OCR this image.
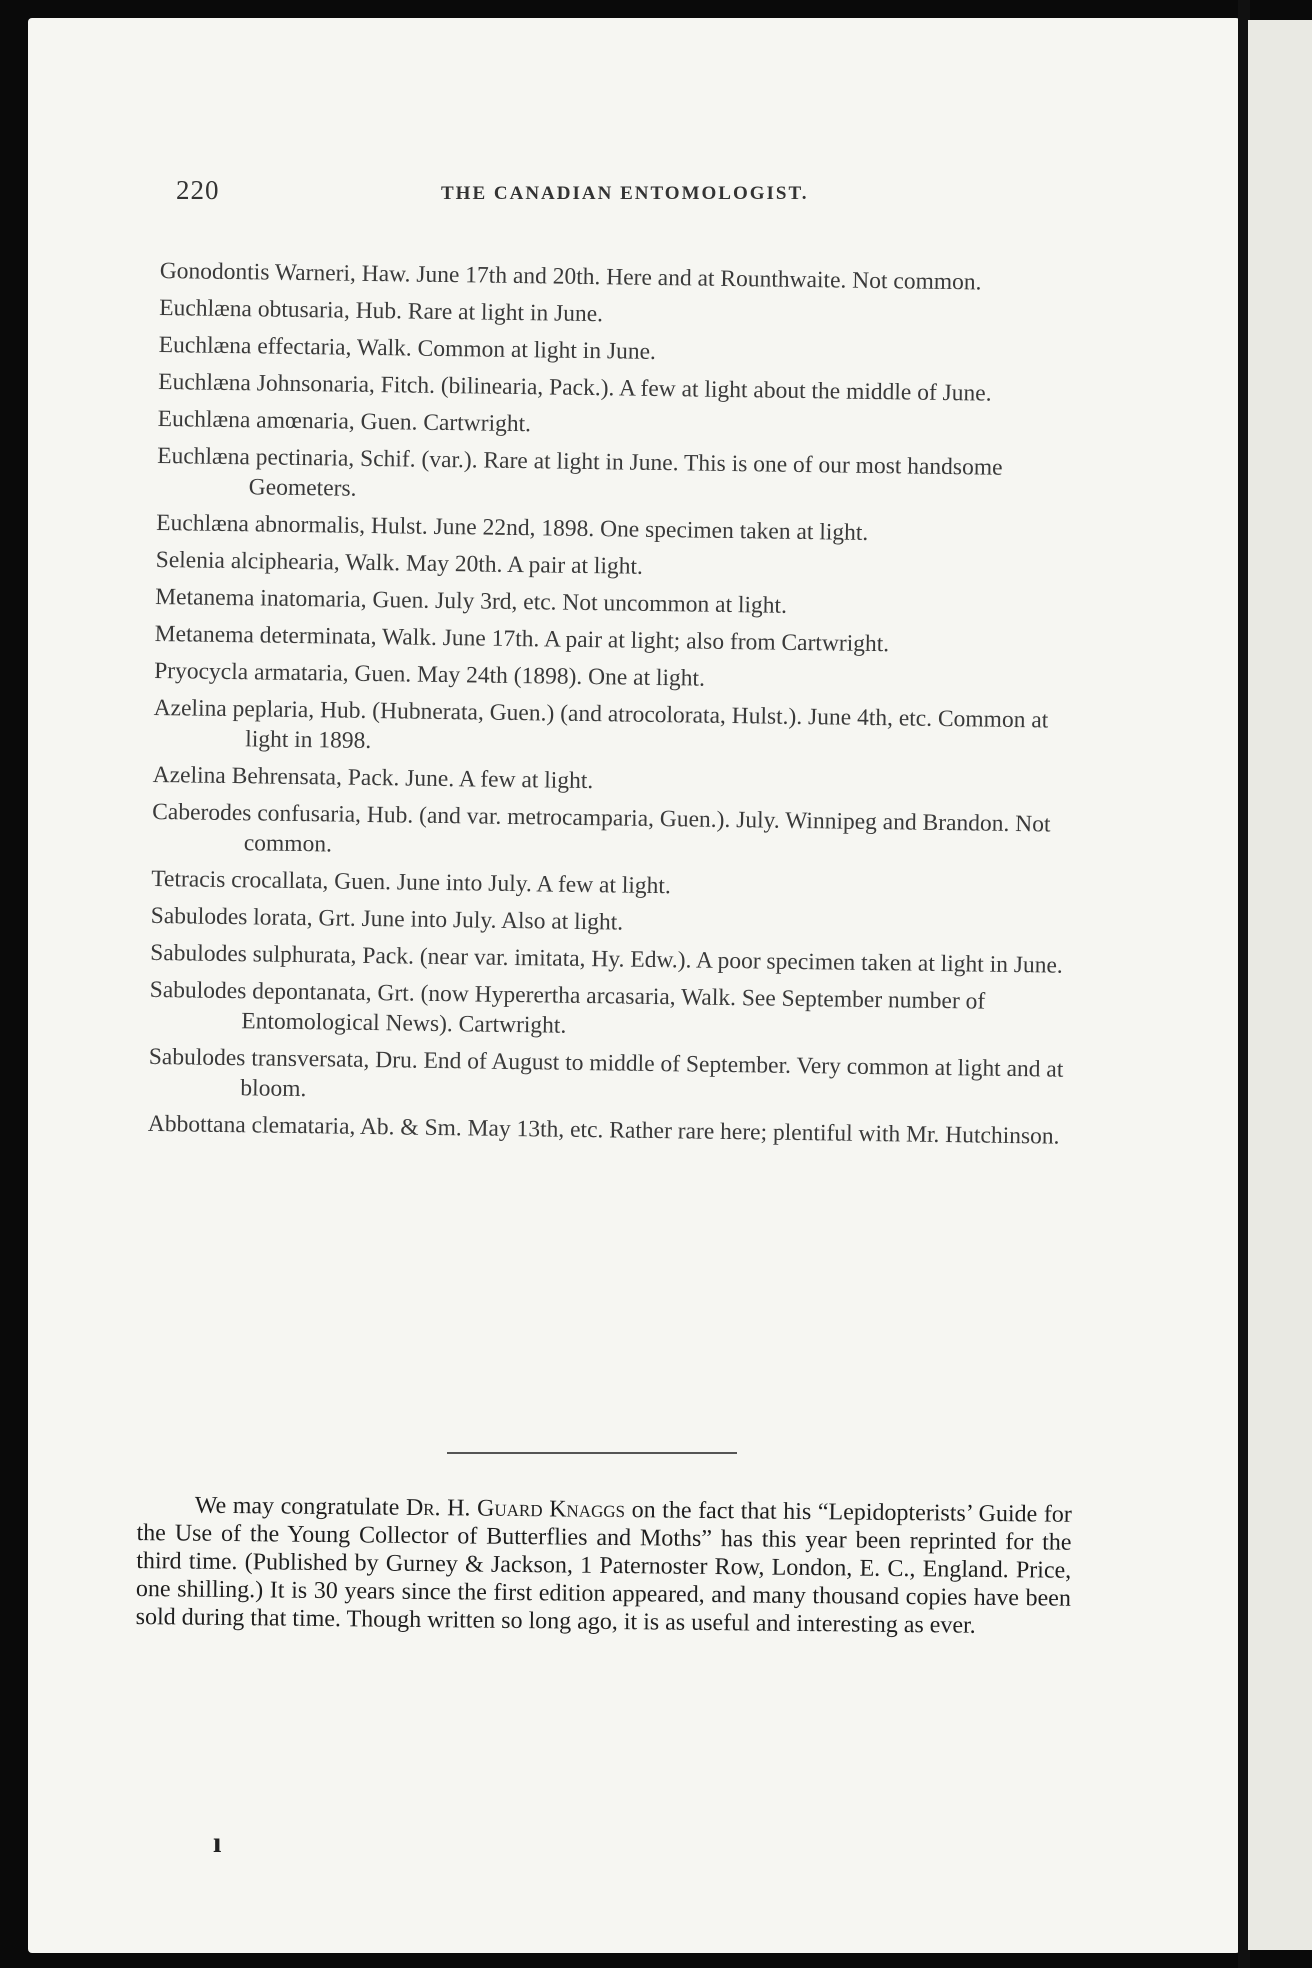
220	THE CANADIAN ENTOMOLOGIST.

Gonodontis Warneri, Haw. June 17th and 20th. Here and at Rounthwaite. Not common.

Euchlæna obtusaria, Hub. Rare at light in June.

Euchlæna effectaria, Walk. Common at light in June.

Euchlæna Johnsonaria, Fitch. (bilinearia, Pack.). A few at light about the middle of June.

Euchlæna amœnaria, Guen. Cartwright.

Euchlæna pectinaria, Schif. (var.). Rare at light in June. This is one of our most handsome Geometers.

Euchlæna abnormalis, Hulst. June 22nd, 1898. One specimen taken at light.

Selenia alciphearia, Walk. May 20th. A pair at light.

Metanema inatomaria, Guen. July 3rd, etc. Not uncommon at light.

Metanema determinata, Walk. June 17th. A pair at light; also from Cartwright.

Pryocycla armataria, Guen. May 24th (1898). One at light.

Azelina peplaria, Hub. (Hubnerata, Guen.) (and atrocolorata, Hulst.). June 4th, etc. Common at light in 1898.

Azelina Behrensata, Pack. June. A few at light.

Caberodes confusaria, Hub. (and var. metrocamparia, Guen.). July. Winnipeg and Brandon. Not common.

Tetracis crocallata, Guen. June into July. A few at light.

Sabulodes lorata, Grt. June into July. Also at light.

Sabulodes sulphurata, Pack. (near var. imitata, Hy. Edw.). A poor specimen taken at light in June.

Sabulodes depontanata, Grt. (now Hyperertha arcasaria, Walk. See September number of Entomological News). Cartwright.

Sabulodes transversata, Dru. End of August to middle of September. Very common at light and at bloom.

Abbottana clemataria, Ab. & Sm. May 13th, etc. Rather rare here; plentiful with Mr. Hutchinson.

We may congratulate Dr. H. Guard Knaggs on the fact that his “Lepidopterists’ Guide for the Use of the Young Collector of Butterflies and Moths” has this year been reprinted for the third time. (Published by Gurney & Jackson, 1 Paternoster Row, London, E. C., England. Price, one shilling.) It is 30 years since the first edition appeared, and many thousand copies have been sold during that time. Though written so long ago, it is as useful and interesting as ever.

ı
